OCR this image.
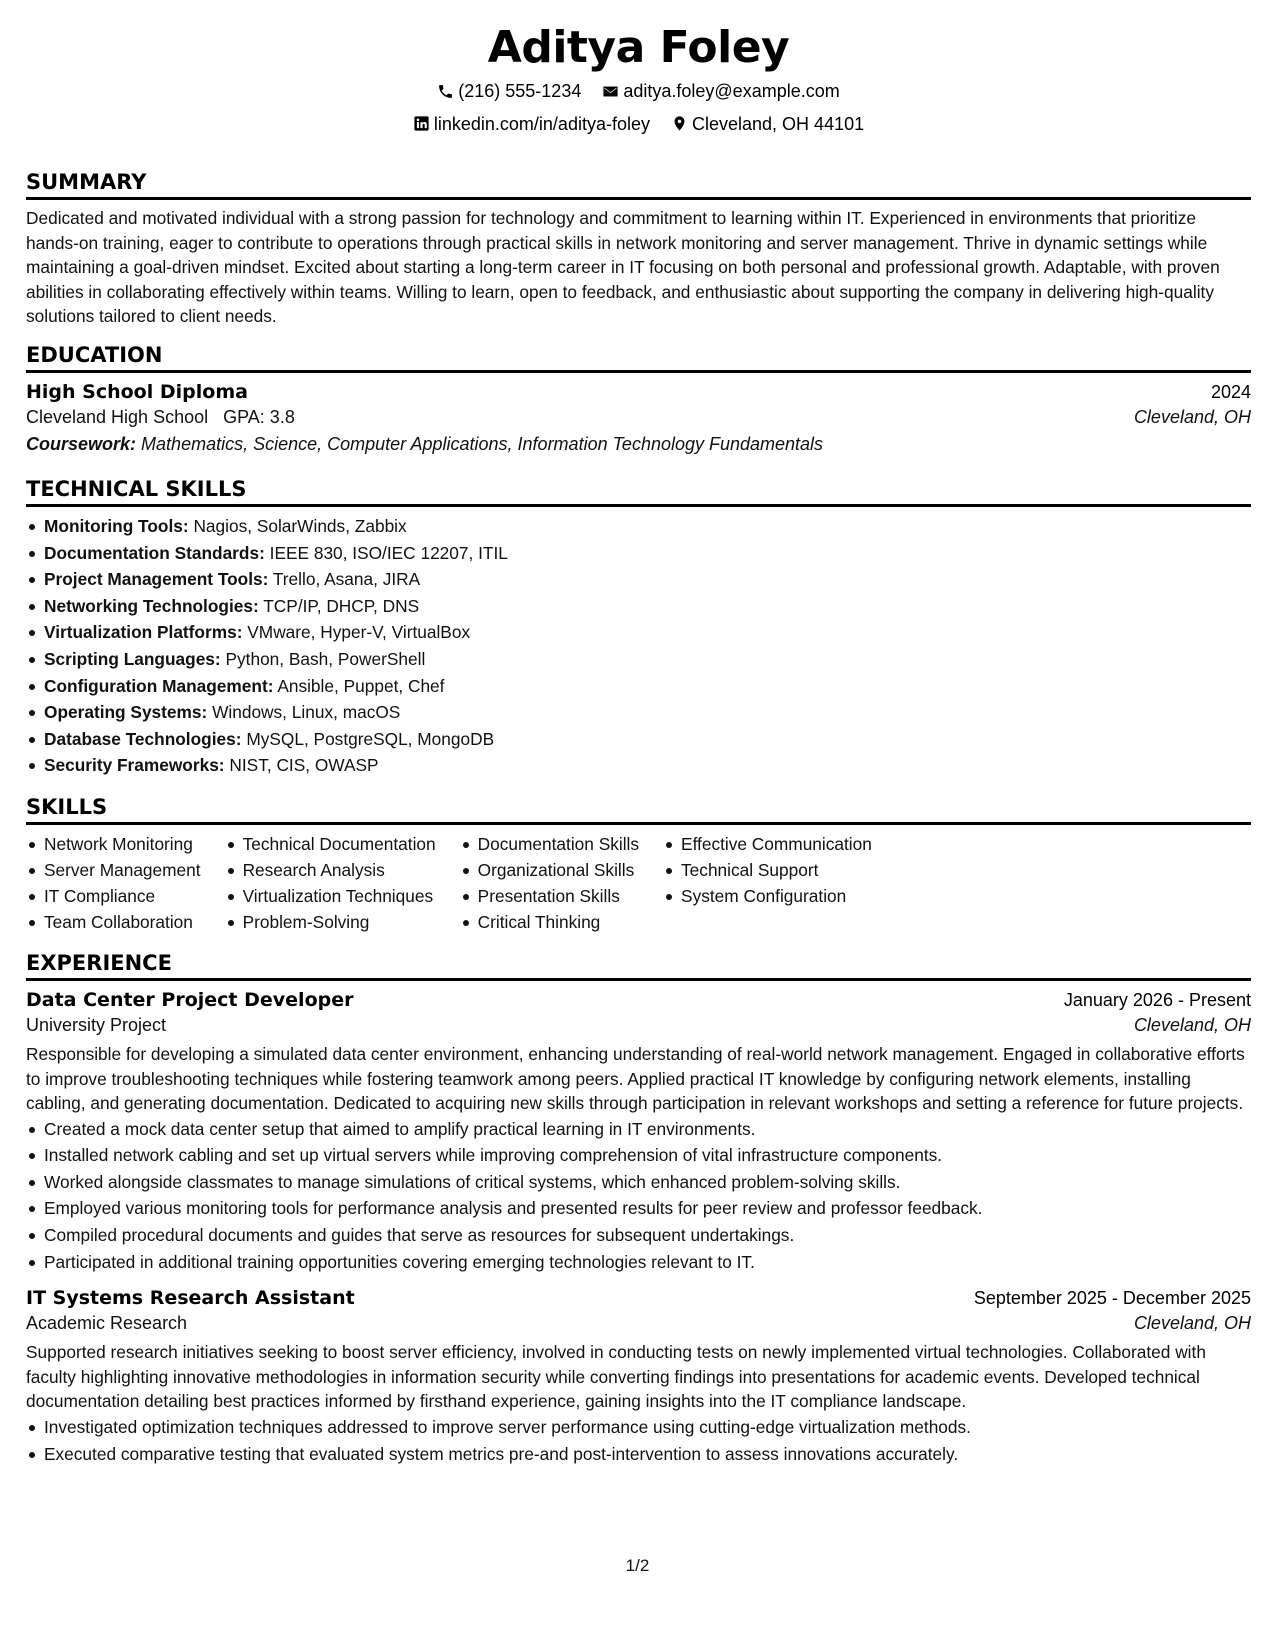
Aditya Foley
(216) 555-1234
aditya.foley@example.com
linkedin.com/in/aditya-foley
Cleveland, OH 44101
SUMMARY

Dedicated and motivated individual with a strong passion for technology and commitment to learning within IT. Experienced in environments that prioritize hands-on training, eager to contribute to operations through practical skills in network monitoring and server management. Thrive in dynamic settings while maintaining a goal-driven mindset. Excited about starting a long-term career in IT focusing on both personal and professional growth. Adaptable, with proven abilities in collaborating effectively within teams. Willing to learn, open to feedback, and enthusiastic about supporting the company in delivering high-quality solutions tailored to client needs.

EDUCATION
High School Diploma	2024
Cleveland High School GPA: 3.8	Cleveland, OH
Coursework: Mathematics, Science, Computer Applications, Information Technology Fundamentals
TECHNICAL SKILLS
Monitoring Tools: Nagios, SolarWinds, Zabbix
Documentation Standards: IEEE 830, ISO/IEC 12207, ITIL
Project Management Tools: Trello, Asana, JIRA
Networking Technologies: TCP/IP, DHCP, DNS
Virtualization Platforms: VMware, Hyper-V, VirtualBox
Scripting Languages: Python, Bash, PowerShell
Configuration Management: Ansible, Puppet, Chef
Operating Systems: Windows, Linux, macOS
Database Technologies: MySQL, PostgreSQL, MongoDB
Security Frameworks: NIST, CIS, OWASP
SKILLS
Network Monitoring
Server Management
IT Compliance
Team Collaboration
Technical Documentation
Research Analysis
Virtualization Techniques
Problem-Solving
Documentation Skills
Organizational Skills
Presentation Skills
Critical Thinking
Effective Communication
Technical Support
System Configuration
EXPERIENCE
Data Center Project Developer	January 2026 - Present
University Project	Cleveland, OH

Responsible for developing a simulated data center environment, enhancing understanding of real-world network management. Engaged in collaborative efforts to improve troubleshooting techniques while fostering teamwork among peers. Applied practical IT knowledge by configuring network elements, installing cabling, and generating documentation. Dedicated to acquiring new skills through participation in relevant workshops and setting a reference for future projects.

Created a mock data center setup that aimed to amplify practical learning in IT environments.
Installed network cabling and set up virtual servers while improving comprehension of vital infrastructure components.
Worked alongside classmates to manage simulations of critical systems, which enhanced problem-solving skills.
Employed various monitoring tools for performance analysis and presented results for peer review and professor feedback.
Compiled procedural documents and guides that serve as resources for subsequent undertakings.
Participated in additional training opportunities covering emerging technologies relevant to IT.
IT Systems Research Assistant	September 2025 - December 2025
Academic Research	Cleveland, OH

Supported research initiatives seeking to boost server efficiency, involved in conducting tests on newly implemented virtual technologies. Collaborated with faculty highlighting innovative methodologies in information security while converting findings into presentations for academic events. Developed technical documentation detailing best practices informed by firsthand experience, gaining insights into the IT compliance landscape.

Investigated optimization techniques addressed to improve server performance using cutting-edge virtualization methods.
Executed comparative testing that evaluated system metrics pre-and post-intervention to assess innovations accurately.
1/2
